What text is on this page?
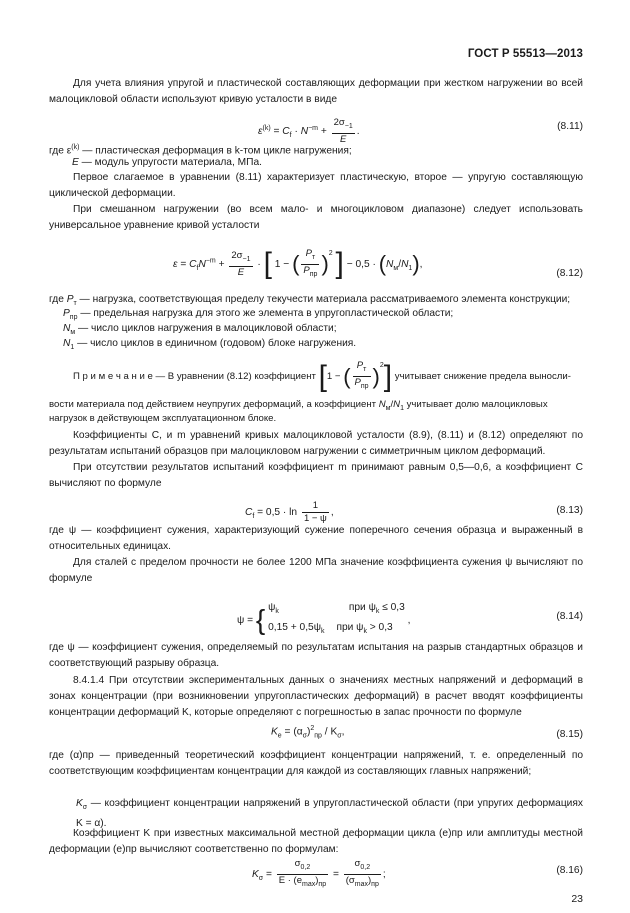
ГОСТ Р 55513—2013
Для учета влияния упругой и пластической составляющих деформации при жестком нагружении во всей малоцикловой области используют кривую усталости в виде
$\varepsilon^{(k)} = C_f \cdot N^{-m} + \frac{2\sigma_{-1}}{E}$ .	(8.11)
где $\varepsilon^{(k)}$ — пластическая деформация в k-том цикле нагружения;
E — модуль упругости материала, МПа.
Первое слагаемое в уравнении (8.11) характеризует пластическую, второе — упругую составляющую циклической деформации.
При смешанном нагружении (во всем мало- и многоцикловом диапазоне) следует использовать универсальное уравнение кривой усталости
$\varepsilon = C_fN^{-m} + \frac{2\sigma_{-1}}{E}$ · [ 1 − ( $\frac{P_т}{P_{пр}} )^2$ ] − $0,5 \cdot (N_м/N_1)$,
(8.12)
где $P_т$ — нагрузка, соответствующая пределу текучести материала рассматриваемого элемента конструкции;
$P_{пр}$ — предельная нагрузка для этого же элемента в упругопластической области;
$N_м$ — число циклов нагружения в малоцикловой области;
$N_1$ — число циклов в единичном (годовом) блоке нагружения.
П р и м е ч а н и е — В уравнении (8.12) коэффициент [1 − ( $\frac{P_т}{P_{пр}} )^2$] учитывает снижение предела выносли-
вости материала под действием неупругих деформаций, а коэффициент $N_м/N_1$ учитывает долю малоцикловых
нагрузок в действующем эксплуатационном блоке.
Коэффициенты C, и m уравнений кривых малоцикловой усталости (8.9), (8.11) и (8.12) определяют по результатам испытаний образцов при малоцикловом нагружении с симметричным циклом деформаций.
При отсутствии результатов испытаний коэффициент m принимают равным 0,5—0,6, а коэффициент C вычисляют по формуле
$C_f = 0,5 \cdot \ln \frac{1}{1 - \psi}$ ,	(8.13)
где ψ — коэффициент сужения, характеризующий сужение поперечного сечения образца и выраженный в относительных единицах.
Для сталей с пределом прочности не более 1200 МПа значение коэффициента сужения ψ вычисляют по формуле
ψ = { $\psi_k$	при $\psi_k \le 0,3$
$0,15 + 0,5\psi_k$ при $\psi_k > 0,3$
,	(8.14)
где ψ — коэффициент сужения, определяемый по результатам испытания на разрыв стандартных образцов и соответствующий разрыву образца.
8.4.1.4 При отсутствии экспериментальных данных о значениях местных напряжений и деформаций в зонах концентрации (при возникновении упругопластических деформаций) в расчет вводят коэффициенты концентрации деформаций K, которые определяют с погрешностью в запас прочности по формуле
$K_e = (\alpha_\sigma)^2_{пр} / K_\sigma$,	(8.15)
где (α)пр — приведенный теоретический коэффициент концентрации напряжений, т. е. определенный по соответствующим коэффициентам концентрации для каждой из составляющих главных напряжений;
$K_\sigma$ — коэффициент концентрации напряжений в упругопластической области (при упругих деформациях K = α).
Коэффициент K при известных максимальной местной деформации цикла (e)пр или амплитуды местной деформации (e)пр вычисляют соответственно по формулам:
$K_\sigma = \frac{\sigma_{0,2}}{E \cdot (e_{max})_{пр}} = \frac{\sigma_{0,2}}{(\sigma_{max})_{пр}}$ ;	(8.16)
23
